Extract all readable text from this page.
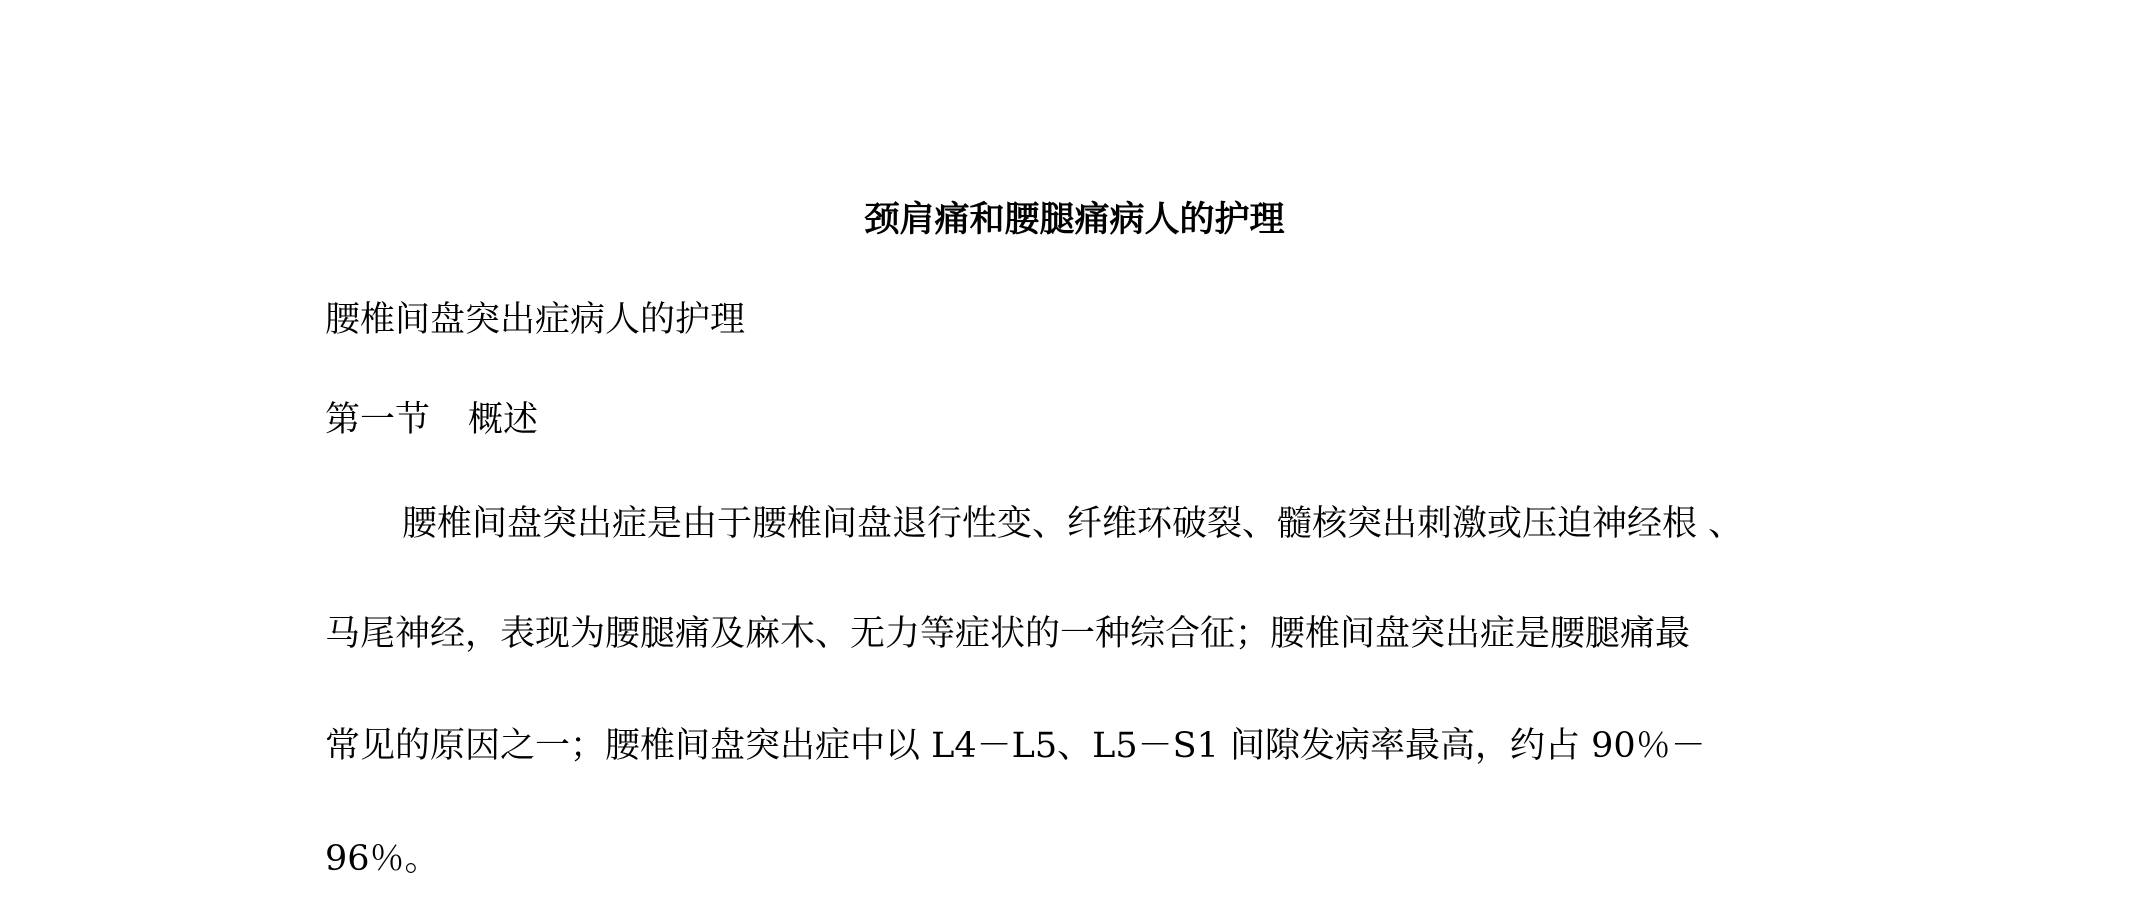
颈肩痛和腰腿痛病人的护理
腰椎间盘突出症病人的护理
第一节 概述
腰椎间盘突出症是由于腰椎间盘退行性变、纤维环破裂、髓核突出刺激或压迫神经根 、
马尾神经，表现为腰腿痛及麻木、无力等症状的一种综合征；腰椎间盘突出症是腰腿痛最
常见的原因之一；腰椎间盘突出症中以 L4－L5、L5－S1 间隙发病率最高，约占 90％－
96％。
